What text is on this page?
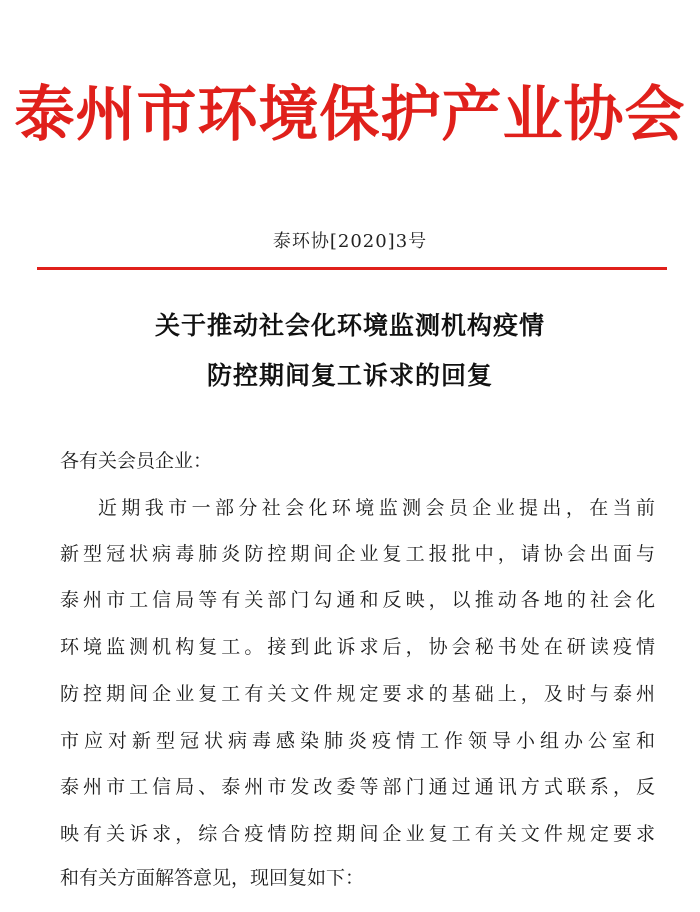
泰州市环境保护产业协会
泰环协[2020]3号
关于推动社会化环境监测机构疫情
防控期间复工诉求的回复
各有关会员企业：
近期我市一部分社会化环境监测会员企业提出，在当前
新型冠状病毒肺炎防控期间企业复工报批中，请协会出面与
泰州市工信局等有关部门勾通和反映，以推动各地的社会化
环境监测机构复工。接到此诉求后，协会秘书处在研读疫情
防控期间企业复工有关文件规定要求的基础上，及时与泰州
市应对新型冠状病毒感染肺炎疫情工作领导小组办公室和
泰州市工信局、泰州市发改委等部门通过通讯方式联系，反
映有关诉求，综合疫情防控期间企业复工有关文件规定要求
和有关方面解答意见，现回复如下：
